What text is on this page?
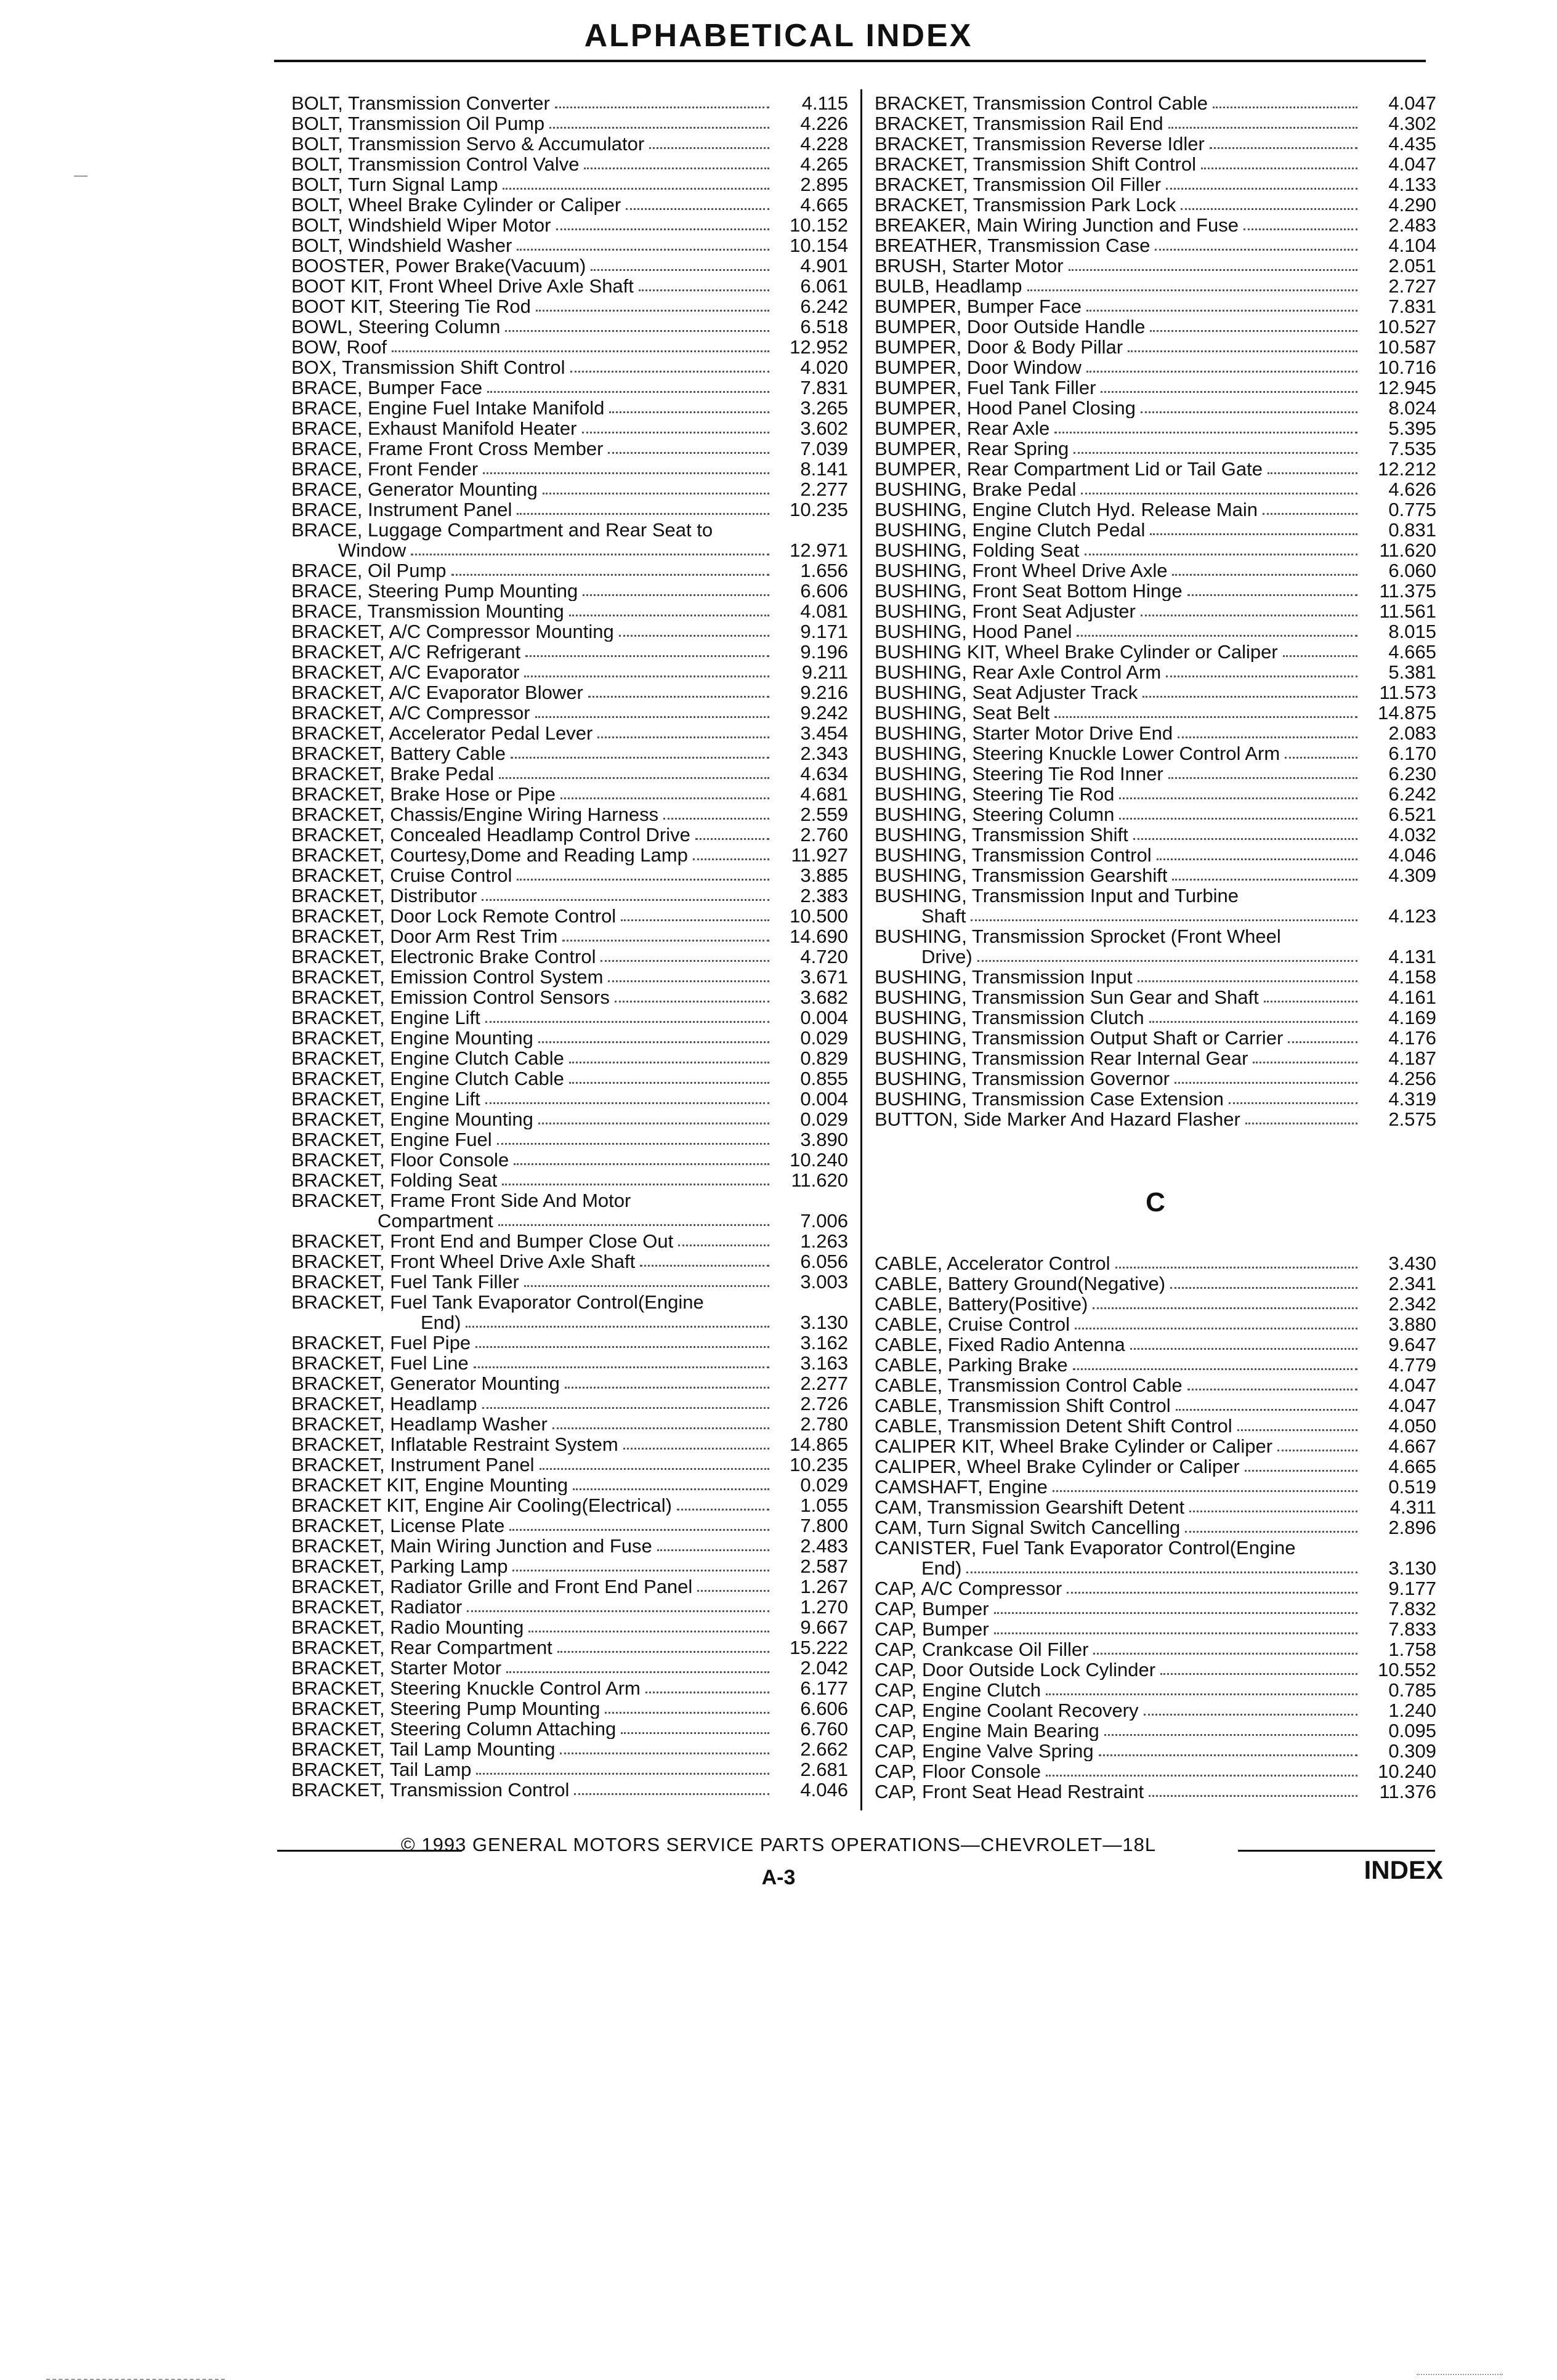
ALPHABETICAL INDEX
BOLT, Transmission Converter	4.115
BOLT, Transmission Oil Pump	4.226
BOLT, Transmission Servo & Accumulator	4.228
BOLT, Transmission Control Valve	4.265
BOLT, Turn Signal Lamp	2.895
BOLT, Wheel Brake Cylinder or Caliper	4.665
BOLT, Windshield Wiper Motor	10.152
BOLT, Windshield Washer	10.154
BOOSTER, Power Brake(Vacuum)	4.901
BOOT KIT, Front Wheel Drive Axle Shaft	6.061
BOOT KIT, Steering Tie Rod	6.242
BOWL, Steering Column	6.518
BOW, Roof	12.952
BOX, Transmission Shift Control	4.020
BRACE, Bumper Face	7.831
BRACE, Engine Fuel Intake Manifold	3.265
BRACE, Exhaust Manifold Heater	3.602
BRACE, Frame Front Cross Member	7.039
BRACE, Front Fender	8.141
BRACE, Generator Mounting	2.277
BRACE, Instrument Panel	10.235
BRACE, Luggage Compartment and Rear Seat to
Window	12.971
BRACE, Oil Pump	1.656
BRACE, Steering Pump Mounting	6.606
BRACE, Transmission Mounting	4.081
BRACKET, A/C Compressor Mounting	9.171
BRACKET, A/C Refrigerant	9.196
BRACKET, A/C Evaporator	9.211
BRACKET, A/C Evaporator Blower	9.216
BRACKET, A/C Compressor	9.242
BRACKET, Accelerator Pedal Lever	3.454
BRACKET, Battery Cable	2.343
BRACKET, Brake Pedal	4.634
BRACKET, Brake Hose or Pipe	4.681
BRACKET, Chassis/Engine Wiring Harness	2.559
BRACKET, Concealed Headlamp Control Drive	2.760
BRACKET, Courtesy,Dome and Reading Lamp	11.927
BRACKET, Cruise Control	3.885
BRACKET, Distributor	2.383
BRACKET, Door Lock Remote Control	10.500
BRACKET, Door Arm Rest Trim	14.690
BRACKET, Electronic Brake Control	4.720
BRACKET, Emission Control System	3.671
BRACKET, Emission Control Sensors	3.682
BRACKET, Engine Lift	0.004
BRACKET, Engine Mounting	0.029
BRACKET, Engine Clutch Cable	0.829
BRACKET, Engine Clutch Cable	0.855
BRACKET, Engine Lift	0.004
BRACKET, Engine Mounting	0.029
BRACKET, Engine Fuel	3.890
BRACKET, Floor Console	10.240
BRACKET, Folding Seat	11.620
BRACKET, Frame Front Side And Motor
Compartment	7.006
BRACKET, Front End and Bumper Close Out	1.263
BRACKET, Front Wheel Drive Axle Shaft	6.056
BRACKET, Fuel Tank Filler	3.003
BRACKET, Fuel Tank Evaporator Control(Engine
End)	3.130
BRACKET, Fuel Pipe	3.162
BRACKET, Fuel Line	3.163
BRACKET, Generator Mounting	2.277
BRACKET, Headlamp	2.726
BRACKET, Headlamp Washer	2.780
BRACKET, Inflatable Restraint System	14.865
BRACKET, Instrument Panel	10.235
BRACKET KIT, Engine Mounting	0.029
BRACKET KIT, Engine Air Cooling(Electrical)	1.055
BRACKET, License Plate	7.800
BRACKET, Main Wiring Junction and Fuse	2.483
BRACKET, Parking Lamp	2.587
BRACKET, Radiator Grille and Front End Panel	1.267
BRACKET, Radiator	1.270
BRACKET, Radio Mounting	9.667
BRACKET, Rear Compartment	15.222
BRACKET, Starter Motor	2.042
BRACKET, Steering Knuckle Control Arm	6.177
BRACKET, Steering Pump Mounting	6.606
BRACKET, Steering Column Attaching	6.760
BRACKET, Tail Lamp Mounting	2.662
BRACKET, Tail Lamp	2.681
BRACKET, Transmission Control	4.046
BRACKET, Transmission Control Cable	4.047
BRACKET, Transmission Rail End	4.302
BRACKET, Transmission Reverse Idler	4.435
BRACKET, Transmission Shift Control	4.047
BRACKET, Transmission Oil Filler	4.133
BRACKET, Transmission Park Lock	4.290
BREAKER, Main Wiring Junction and Fuse	2.483
BREATHER, Transmission Case	4.104
BRUSH, Starter Motor	2.051
BULB, Headlamp	2.727
BUMPER, Bumper Face	7.831
BUMPER, Door Outside Handle	10.527
BUMPER, Door & Body Pillar	10.587
BUMPER, Door Window	10.716
BUMPER, Fuel Tank Filler	12.945
BUMPER, Hood Panel Closing	8.024
BUMPER, Rear Axle	5.395
BUMPER, Rear Spring	7.535
BUMPER, Rear Compartment Lid or Tail Gate	12.212
BUSHING, Brake Pedal	4.626
BUSHING, Engine Clutch Hyd. Release Main	0.775
BUSHING, Engine Clutch Pedal	0.831
BUSHING, Folding Seat	11.620
BUSHING, Front Wheel Drive Axle	6.060
BUSHING, Front Seat Bottom Hinge	11.375
BUSHING, Front Seat Adjuster	11.561
BUSHING, Hood Panel	8.015
BUSHING KIT, Wheel Brake Cylinder or Caliper	4.665
BUSHING, Rear Axle Control Arm	5.381
BUSHING, Seat Adjuster Track	11.573
BUSHING, Seat Belt	14.875
BUSHING, Starter Motor Drive End	2.083
BUSHING, Steering Knuckle Lower Control Arm	6.170
BUSHING, Steering Tie Rod Inner	6.230
BUSHING, Steering Tie Rod	6.242
BUSHING, Steering Column	6.521
BUSHING, Transmission Shift	4.032
BUSHING, Transmission Control	4.046
BUSHING, Transmission Gearshift	4.309
BUSHING, Transmission Input and Turbine
Shaft	4.123
BUSHING, Transmission Sprocket (Front Wheel
Drive)	4.131
BUSHING, Transmission Input	4.158
BUSHING, Transmission Sun Gear and Shaft	4.161
BUSHING, Transmission Clutch	4.169
BUSHING, Transmission Output Shaft or Carrier	4.176
BUSHING, Transmission Rear Internal Gear	4.187
BUSHING, Transmission Governor	4.256
BUSHING, Transmission Case Extension	4.319
BUTTON, Side Marker And Hazard Flasher	2.575
C
CABLE, Accelerator Control	3.430
CABLE, Battery Ground(Negative)	2.341
CABLE, Battery(Positive)	2.342
CABLE, Cruise Control	3.880
CABLE, Fixed Radio Antenna	9.647
CABLE, Parking Brake	4.779
CABLE, Transmission Control Cable	4.047
CABLE, Transmission Shift Control	4.047
CABLE, Transmission Detent Shift Control	4.050
CALIPER KIT, Wheel Brake Cylinder or Caliper	4.667
CALIPER, Wheel Brake Cylinder or Caliper	4.665
CAMSHAFT, Engine	0.519
CAM, Transmission Gearshift Detent	4.311
CAM, Turn Signal Switch Cancelling	2.896
CANISTER, Fuel Tank Evaporator Control(Engine
End)	3.130
CAP, A/C Compressor	9.177
CAP, Bumper	7.832
CAP, Bumper	7.833
CAP, Crankcase Oil Filler	1.758
CAP, Door Outside Lock Cylinder	10.552
CAP, Engine Clutch	0.785
CAP, Engine Coolant Recovery	1.240
CAP, Engine Main Bearing	0.095
CAP, Engine Valve Spring	0.309
CAP, Floor Console	10.240
CAP, Front Seat Head Restraint	11.376
© 1993 GENERAL MOTORS SERVICE PARTS OPERATIONS—CHEVROLET—18L
A-3	INDEX
